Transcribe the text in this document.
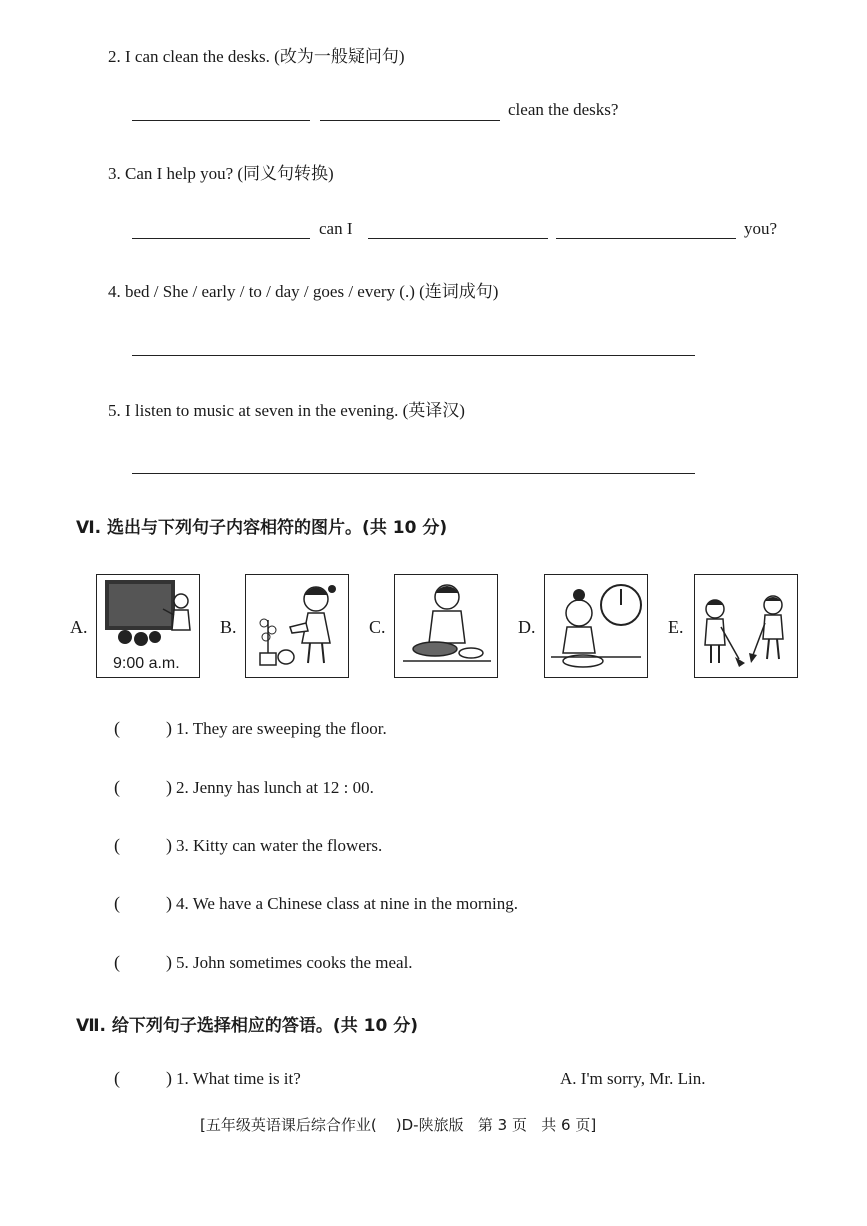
2. I can clean the desks. (改为一般疑问句)
clean the desks?
3. Can I help you? (同义句转换)
can I	you?
4. bed / She / early / to / day / goes / every (.) (连词成句)
5. I listen to music at seven in the evening. (英译汉)
Ⅵ. 选出与下列句子内容相符的图片。(共 10 分)
A.
9:00 a.m.
B.	C.	D.	E.
(	) 1. They are sweeping the floor.
(	) 2. Jenny has lunch at 12 : 00.
(	) 3. Kitty can water the flowers.
(	) 4. We have a Chinese class at nine in the morning.
(	) 5. John sometimes cooks the meal.
Ⅶ. 给下列句子选择相应的答语。(共 10 分)
(	) 1. What time is it?	A. I'm sorry, Mr. Lin.
[五年级英语课后综合作业(    )D-陕旅版   第 3 页   共 6 页]
